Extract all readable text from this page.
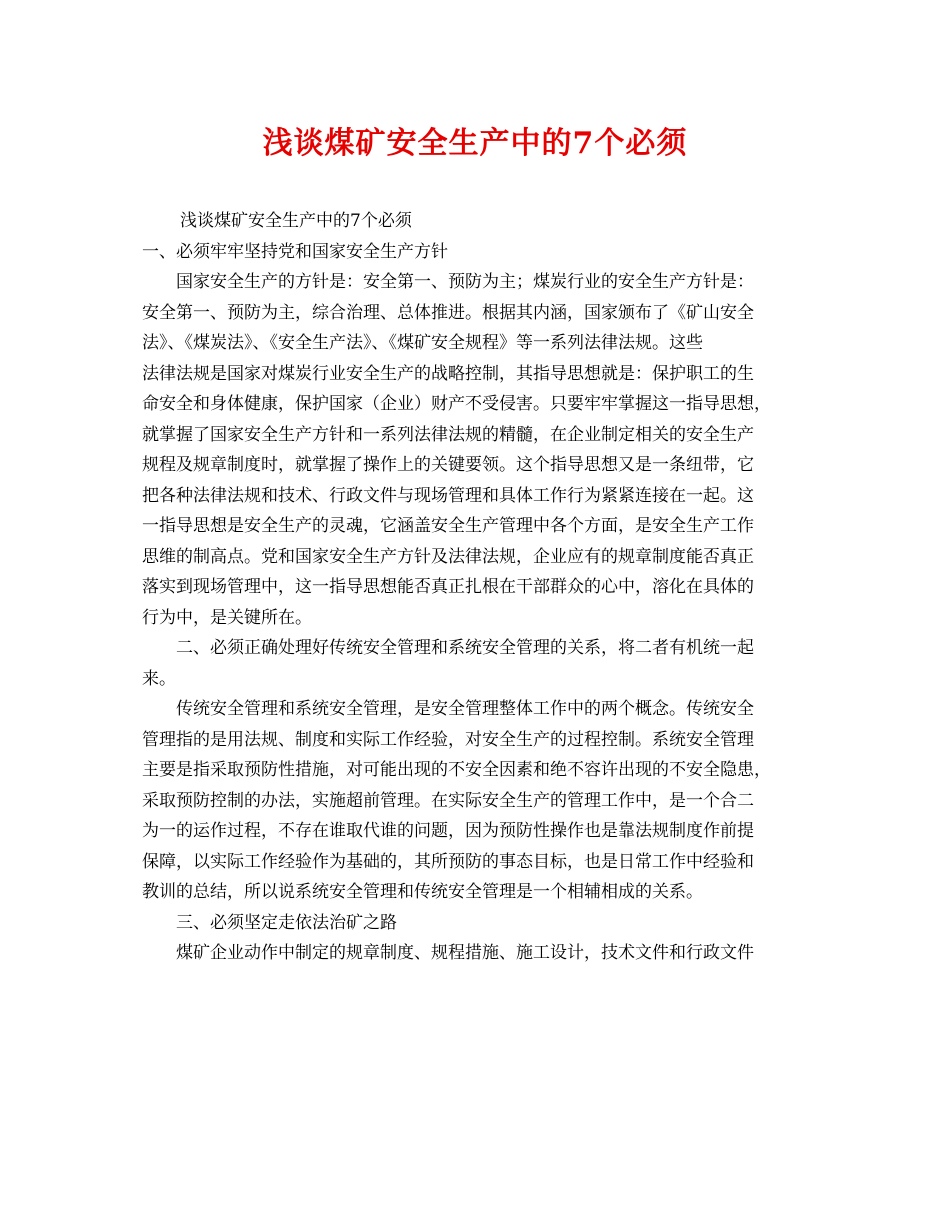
浅谈煤矿安全生产中的7个必须
浅谈煤矿安全生产中的7个必须
一、必须牢牢坚持党和国家安全生产方针
国家安全生产的方针是：安全第一、预防为主；煤炭行业的安全生产方针是：
安全第一、预防为主，综合治理、总体推进。根据其内涵，国家颁布了《矿山安全
法》、《煤炭法》、《安全生产法》、《煤矿安全规程》等一系列法律法规。这些
法律法规是国家对煤炭行业安全生产的战略控制，其指导思想就是：保护职工的生
命安全和身体健康，保护国家（企业）财产不受侵害。只要牢牢掌握这一指导思想，
就掌握了国家安全生产方针和一系列法律法规的精髓，在企业制定相关的安全生产
规程及规章制度时，就掌握了操作上的关键要领。这个指导思想又是一条纽带，它
把各种法律法规和技术、行政文件与现场管理和具体工作行为紧紧连接在一起。这
一指导思想是安全生产的灵魂，它涵盖安全生产管理中各个方面，是安全生产工作
思维的制高点。党和国家安全生产方针及法律法规，企业应有的规章制度能否真正
落实到现场管理中，这一指导思想能否真正扎根在干部群众的心中，溶化在具体的
行为中，是关键所在。
二、必须正确处理好传统安全管理和系统安全管理的关系，将二者有机统一起
来。
传统安全管理和系统安全管理，是安全管理整体工作中的两个概念。传统安全
管理指的是用法规、制度和实际工作经验，对安全生产的过程控制。系统安全管理
主要是指采取预防性措施，对可能出现的不安全因素和绝不容许出现的不安全隐患，
采取预防控制的办法，实施超前管理。在实际安全生产的管理工作中，是一个合二
为一的运作过程，不存在谁取代谁的问题，因为预防性操作也是靠法规制度作前提
保障，以实际工作经验作为基础的，其所预防的事态目标，也是日常工作中经验和
教训的总结，所以说系统安全管理和传统安全管理是一个相辅相成的关系。
三、必须坚定走依法治矿之路
煤矿企业动作中制定的规章制度、规程措施、施工设计，技术文件和行政文件
